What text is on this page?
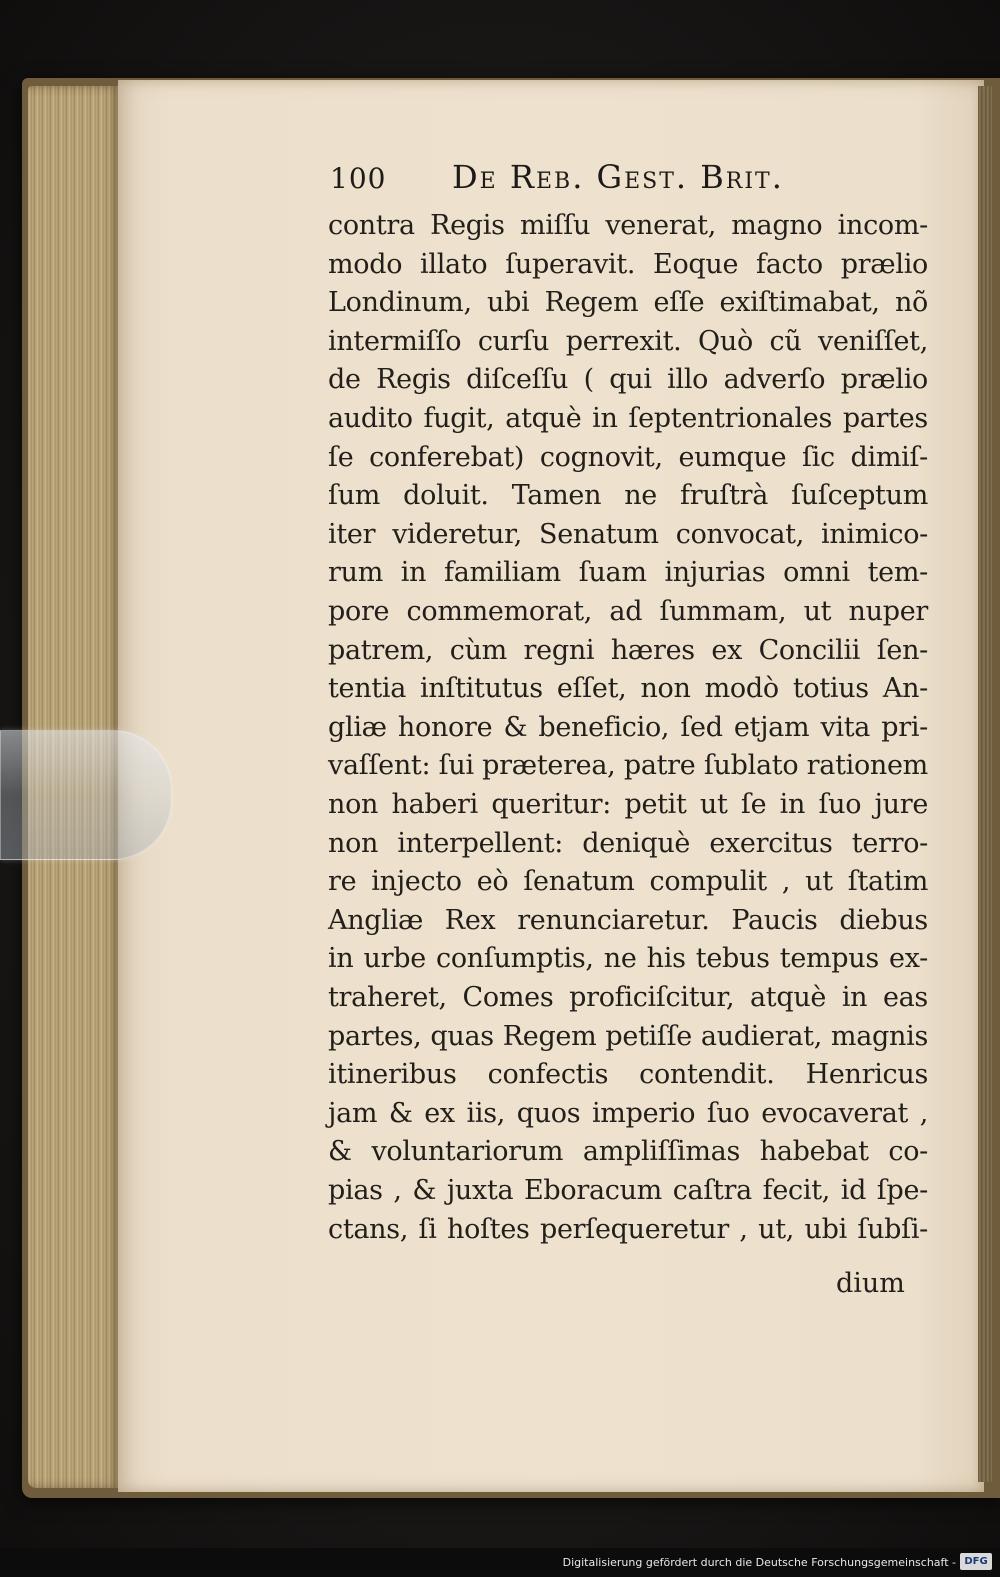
100 De Reb. Gest. Brit.
contra Regis miſſu venerat, magno incom-
modo illato ſuperavit. Eoque facto prælio
Londinum, ubi Regem eſſe exiſtimabat, nõ
intermiſſo curſu perrexit. Quò cũ veniſſet,
de Regis diſceſſu ( qui illo adverſo prælio
audito fugit, atquè in ſeptentrionales partes
ſe conferebat) cognovit, eumque ſic dimiſ-
ſum doluit. Tamen ne fruſtrà ſuſceptum
iter videretur, Senatum convocat, inimico-
rum in familiam ſuam injurias omni tem-
pore commemorat, ad ſummam, ut nuper
patrem, cùm regni hæres ex Concilii ſen-
tentia inſtitutus eſſet, non modò totius An-
gliæ honore & beneficio, ſed etjam vita pri-
vaſſent: ſui præterea, patre ſublato rationem
non haberi queritur: petit ut ſe in ſuo jure
non interpellent: deniquè exercitus terro-
re injecto eò ſenatum compulit , ut ſtatim
Angliæ Rex renunciaretur. Paucis diebus
in urbe conſumptis, ne his tebus tempus ex-
traheret, Comes proficiſcitur, atquè in eas
partes, quas Regem petiſſe audierat, magnis
itineribus confectis contendit. Henricus
jam & ex iis, quos imperio ſuo evocaverat ,
& voluntariorum ampliſſimas habebat co-
pias , & juxta Eboracum caſtra fecit, id ſpe-
ctans, ſi hoſtes perſequeretur , ut, ubi ſubſi-
dium
Digitalisierung gefördert durch die Deutsche Forschungsgemeinschaft - DFG
